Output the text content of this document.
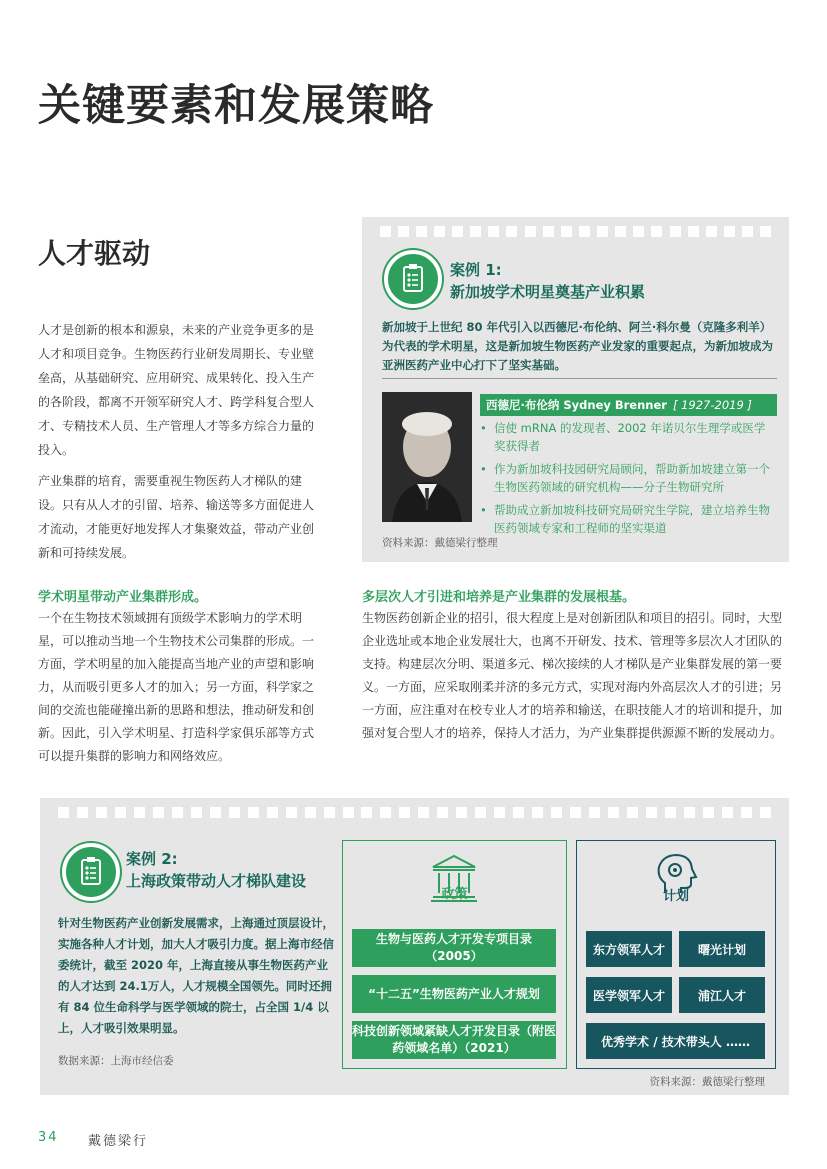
关键要素和发展策略
人才驱动
人才是创新的根本和源泉，未来的产业竞争更多的是人才和项目竞争。生物医药行业研发周期长、专业壁垒高，从基础研究、应用研究、成果转化、投入生产的各阶段，都离不开领军研究人才、跨学科复合型人才、专精技术人员、生产管理人才等多方综合力量的投入。
产业集群的培育，需要重视生物医药人才梯队的建设。只有从人才的引留、培养、输送等多方面促进人才流动，才能更好地发挥人才集聚效益，带动产业创新和可持续发展。
案例 1:
新加坡学术明星奠基产业积累
新加坡于上世纪 80 年代引入以西德尼·布伦纳、阿兰·科尔曼（克隆多利羊）为代表的学术明星，这是新加坡生物医药产业发家的重要起点，为新加坡成为亚洲医药产业中心打下了坚实基础。
西德尼·布伦纳 Sydney Brenner [ 1927-2019 ]
• 信使 mRNA 的发现者、2002 年诺贝尔生理学或医学奖获得者
• 作为新加坡科技园研究局顾问，帮助新加坡建立第一个生物医药领域的研究机构——分子生物研究所
• 帮助成立新加坡科技研究局研究生学院，建立培养生物医药领域专家和工程师的坚实渠道
资料来源：戴德梁行整理
学术明星带动产业集群形成。
一个在生物技术领域拥有顶级学术影响力的学术明星，可以推动当地一个生物技术公司集群的形成。一方面，学术明星的加入能提高当地产业的声望和影响力，从而吸引更多人才的加入；另一方面，科学家之间的交流也能碰撞出新的思路和想法，推动研发和创新。因此，引入学术明星、打造科学家俱乐部等方式可以提升集群的影响力和网络效应。
多层次人才引进和培养是产业集群的发展根基。
生物医药创新企业的招引，很大程度上是对创新团队和项目的招引。同时，大型企业选址或本地企业发展壮大，也离不开研发、技术、管理等多层次人才团队的支持。构建层次分明、渠道多元、梯次接续的人才梯队是产业集群发展的第一要义。一方面，应采取刚柔并济的多元方式，实现对海内外高层次人才的引进；另一方面，应注重对在校专业人才的培养和输送，在职技能人才的培训和提升，加强对复合型人才的培养，保持人才活力，为产业集群提供源源不断的发展动力。
案例 2:
上海政策带动人才梯队建设
针对生物医药产业创新发展需求，上海通过顶层设计，实施各种人才计划，加大人才吸引力度。据上海市经信委统计，截至 2020 年，上海直接从事生物医药产业的人才达到 24.1万人，人才规模全国领先。同时还拥有 84 位生命科学与医学领域的院士，占全国 1/4 以上，人才吸引效果明显。
数据来源：上海市经信委
政策
生物与医药人才开发专项目录（2005）
“十二五”生物医药产业人才规划
科技创新领域紧缺人才开发目录（附医药领域名单）（2021）
计划
东方领军人才	曙光计划
医学领军人才	浦江人才
优秀学术 / 技术带头人 ……
资料来源：戴德梁行整理
34 戴德梁行
